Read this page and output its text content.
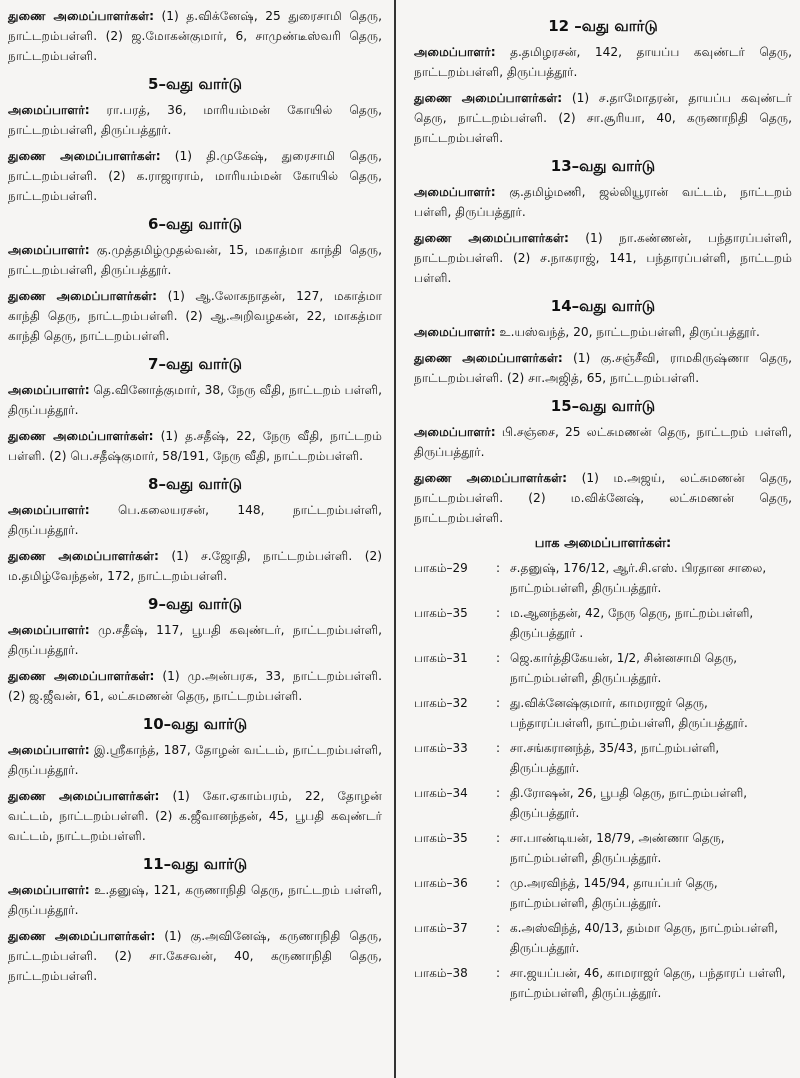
துணை அமைப்பாளர்கள்: (1) த.விக்னேஷ், 25 துரைசாமி தெரு, நாட்டறம்பள்ளி. (2) ஜ.மோகன்குமார், 6, சாமுண்டீஸ்வரி தெரு, நாட்டறம்பள்ளி.

5–வது வார்டு

அமைப்பாளர்: ரா.பரத், 36, மாரியம்மன் கோயில் தெரு, நாட்டறம்பள்ளி, திருப்பத்தூர்.

துணை அமைப்பாளர்கள்: (1) தி.முகேஷ், துரைசாமி தெரு, நாட்டறம்பள்ளி. (2) க.ராஜாராம், மாரியம்மன் கோயில் தெரு, நாட்டறம்பள்ளி.

6–வது வார்டு

அமைப்பாளர்: கு.முத்தமிழ்முதல்வன், 15, மகாத்மா காந்தி தெரு, நாட்டறம்பள்ளி, திருப்பத்தூர்.

துணை அமைப்பாளர்கள்: (1) ஆ.லோகநாதன், 127, மகாத்மா காந்தி தெரு, நாட்டறம்பள்ளி. (2) ஆ.அறிவழகன், 22, மாகத்மா காந்தி தெரு, நாட்டறம்பள்ளி.

7–வது வார்டு

அமைப்பாளர்: தெ.வினோத்குமார், 38, நேரு வீதி, நாட்டறம் பள்ளி, திருப்பத்தூர்.

துணை அமைப்பாளர்கள்: (1) த.சதீஷ், 22, நேரு வீதி, நாட்டறம் பள்ளி. (2) பெ.சதீஷ்குமார், 58/191, நேரு வீதி, நாட்டறம்பள்ளி.

8–வது வார்டு

அமைப்பாளர்: பெ.கலையரசன், 148, நாட்டறம்பள்ளி, திருப்பத்தூர்.

துணை அமைப்பாளர்கள்: (1) ச.ஜோதி, நாட்டறம்பள்ளி. (2) ம.தமிழ்வேந்தன், 172, நாட்டறம்பள்ளி.

9–வது வார்டு

அமைப்பாளர்: மு.சதீஷ், 117, பூபதி கவுண்டர், நாட்டறம்பள்ளி, திருப்பத்தூர்.

துணை அமைப்பாளர்கள்: (1) மு.அன்பரசு, 33, நாட்டறம்பள்ளி. (2) ஜ.ஜீவன், 61, லட்சுமணன் தெரு, நாட்டறம்பள்ளி.

10–வது வார்டு

அமைப்பாளர்: இ.ஸ்ரீகாந்த், 187, தோழன் வட்டம், நாட்டறம்பள்ளி, திருப்பத்தூர்.

துணை அமைப்பாளர்கள்: (1) கோ.ஏகாம்பரம், 22, தோழன் வட்டம், நாட்டறம்பள்ளி. (2) க.ஜீவானந்தன், 45, பூபதி கவுண்டர் வட்டம், நாட்டறம்பள்ளி.

11–வது வார்டு

அமைப்பாளர்: உ.தனுஷ், 121, கருணாநிதி தெரு, நாட்டறம் பள்ளி, திருப்பத்தூர்.

துணை அமைப்பாளர்கள்: (1) கு.அவினேஷ், கருணாநிதி தெரு, நாட்டறம்பள்ளி. (2) சா.கேசவன், 40, கருணாநிதி தெரு, நாட்டறம்பள்ளி.

12 –வது வார்டு

அமைப்பாளர்: த.தமிழரசன், 142, தாயப்ப கவுண்டர் தெரு, நாட்டறம்பள்ளி, திருப்பத்தூர்.

துணை அமைப்பாளர்கள்: (1) ச.தாமோதரன், தாயப்ப கவுண்டர் தெரு, நாட்டறம்பள்ளி. (2) சா.சூரியா, 40, கருணாநிதி தெரு, நாட்டறம்பள்ளி.

13–வது வார்டு

அமைப்பாளர்: கு.தமிழ்மணி, ஜல்லியூரான் வட்டம், நாட்டறம் பள்ளி, திருப்பத்தூர்.

துணை அமைப்பாளர்கள்: (1) நா.கண்ணன், பந்தாரப்பள்ளி, நாட்டறம்பள்ளி. (2) ச.நாகராஜ், 141, பந்தாரப்பள்ளி, நாட்டறம் பள்ளி.

14–வது வார்டு

அமைப்பாளர்: உ.யஸ்வந்த், 20, நாட்டறம்பள்ளி, திருப்பத்தூர்.

துணை அமைப்பாளர்கள்: (1) கு.சஞ்சீவி, ராமகிருஷ்ணா தெரு, நாட்டறம்பள்ளி. (2) சா.அஜித், 65, நாட்டறம்பள்ளி.

15–வது வார்டு

அமைப்பாளர்: பி.சஞ்சை, 25 லட்சுமணன் தெரு, நாட்டறம் பள்ளி, திருப்பத்தூர்.

துணை அமைப்பாளர்கள்: (1) ம.அஜய், லட்சுமணன் தெரு, நாட்டறம்பள்ளி. (2) ம.விக்னேஷ், லட்சுமணன் தெரு, நாட்டறம்பள்ளி.

பாக அமைப்பாளர்கள்:
பாகம்–29	: ச.தனுஷ், 176/12, ஆர்.சி.எஸ். பிரதான சாலை, நாட்றம்பள்ளி, திருப்பத்தூர்.
பாகம்–35	: ம.ஆனந்தன், 42, நேரு தெரு, நாட்றம்பள்ளி, திருப்பத்தூர் .
பாகம்–31	: ஜெ.கார்த்திகேயன், 1/2, சின்னசாமி தெரு, நாட்றம்பள்ளி, திருப்பத்தூர்.
பாகம்–32	: து.விக்னேஷ்குமார், காமராஜர் தெரு, பந்தாரப்பள்ளி, நாட்றம்பள்ளி, திருப்பத்தூர்.
பாகம்–33	: சா.சங்கரானந்த், 35/43, நாட்றம்பள்ளி, திருப்பத்தூர்.
பாகம்–34	: தி.ரோஷன், 26, பூபதி தெரு, நாட்றம்பள்ளி, திருப்பத்தூர்.
பாகம்–35	: சா.பாண்டியன், 18/79, அண்ணா தெரு, நாட்றம்பள்ளி, திருப்பத்தூர்.
பாகம்–36	: மு.அரவிந்த், 145/94, தாயப்பர் தெரு, நாட்றம்பள்ளி, திருப்பத்தூர்.
பாகம்–37	: க.அஸ்விந்த், 40/13, தம்மா தெரு, நாட்றம்பள்ளி, திருப்பத்தூர்.
பாகம்–38	: சா.ஜயப்பன், 46, காமராஜர் தெரு, பந்தாரப் பள்ளி, நாட்றம்பள்ளி, திருப்பத்தூர்.
